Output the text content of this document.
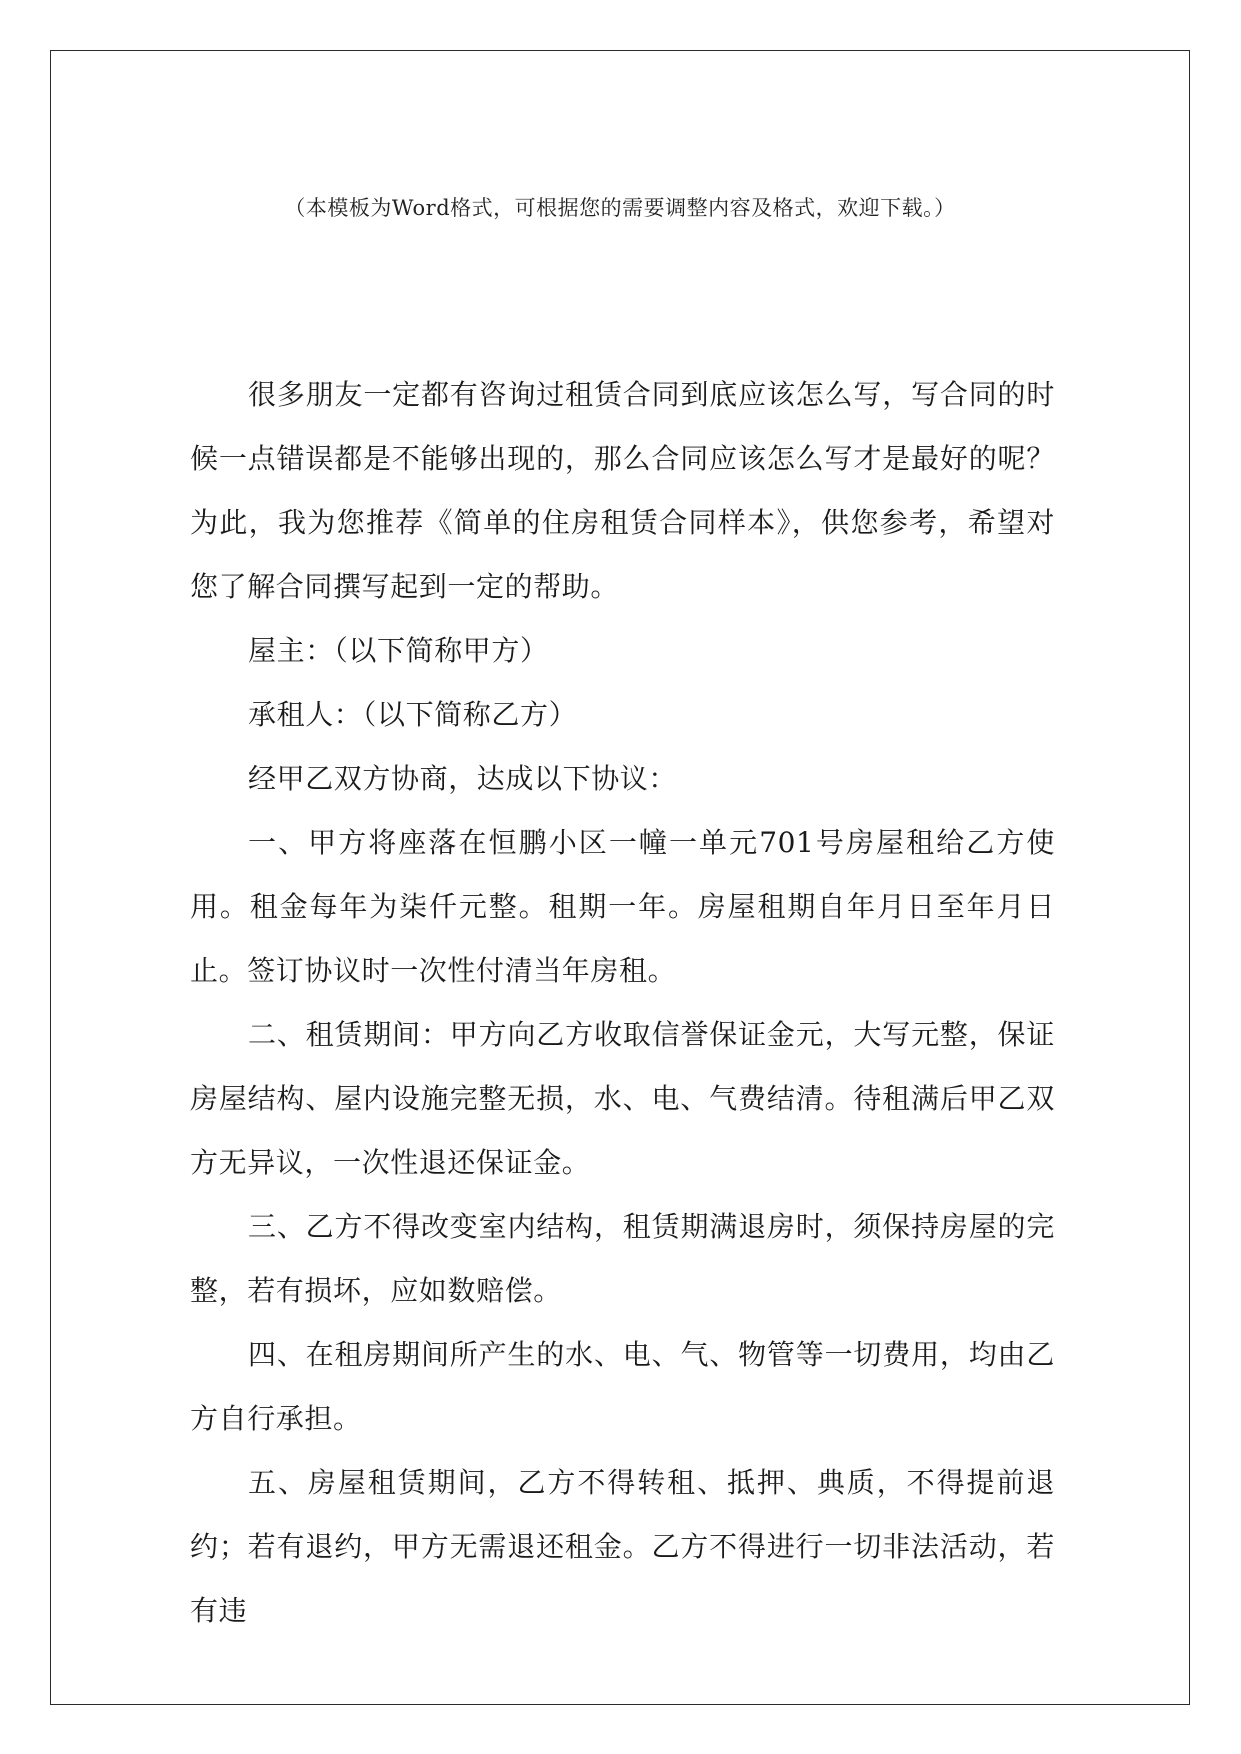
（本模板为Word格式，可根据您的需要调整内容及格式，欢迎下载。）

很多朋友一定都有咨询过租赁合同到底应该怎么写，写合同的时候一点错误都是不能够出现的，那么合同应该怎么写才是最好的呢？为此，我为您推荐《简单的住房租赁合同样本》，供您参考，希望对您了解合同撰写起到一定的帮助。

屋主：（以下简称甲方）

承租人：（以下简称乙方）

经甲乙双方协商，达成以下协议：

一、甲方将座落在恒鹏小区一幢一单元701号房屋租给乙方使用。租金每年为柒仟元整。租期一年。房屋租期自年月日至年月日止。签订协议时一次性付清当年房租。

二、租赁期间：甲方向乙方收取信誉保证金元，大写元整，保证房屋结构、屋内设施完整无损，水、电、气费结清。待租满后甲乙双方无异议，一次性退还保证金。

三、乙方不得改变室内结构，租赁期满退房时，须保持房屋的完整，若有损坏，应如数赔偿。

四、在租房期间所产生的水、电、气、物管等一切费用，均由乙方自行承担。

五、房屋租赁期间，乙方不得转租、抵押、典质，不得提前退约；若有退约，甲方无需退还租金。乙方不得进行一切非法活动，若有违
